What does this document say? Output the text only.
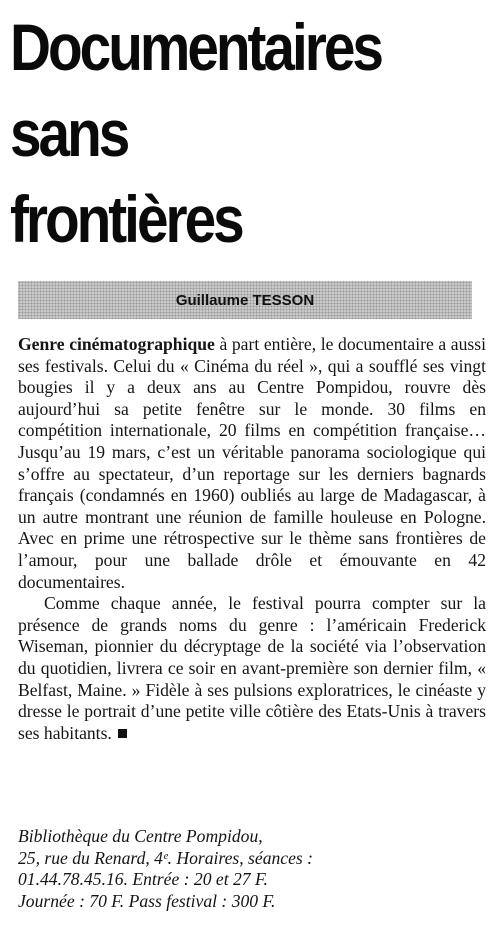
Documentaires
sans
frontières
Guillaume TESSON

Genre cinématographique à part entière, le documentaire a aussi ses festivals. Celui du « Cinéma du réel », qui a soufflé ses vingt bougies il y a deux ans au Centre Pompidou, rouvre dès aujourd’hui sa petite fenêtre sur le monde. 30 films en compétition internationale, 20 films en compétition française… Jusqu’au 19 mars, c’est un véritable panorama sociologique qui s’offre au spectateur, d’un reportage sur les derniers bagnards français (condamnés en 1960) oubliés au large de Madagascar, à un autre montrant une réunion de famille houleuse en Pologne. Avec en prime une rétrospective sur le thème sans frontières de l’amour, pour une ballade drôle et émouvante en 42 documentaires.

Comme chaque année, le festival pourra compter sur la présence de grands noms du genre : l’américain Frederick Wiseman, pionnier du décryptage de la société via l’observation du quotidien, livrera ce soir en avant-première son dernier film, « Belfast, Maine. » Fidèle à ses pulsions exploratrices, le cinéaste y dresse le portrait d’une petite ville côtière des Etats-Unis à travers ses habitants.

Bibliothèque du Centre Pompidou,
25, rue du Renard, 4ᵉ. Horaires, séances :
01.44.78.45.16. Entrée : 20 et 27 F.
Journée : 70 F. Pass festival : 300 F.
